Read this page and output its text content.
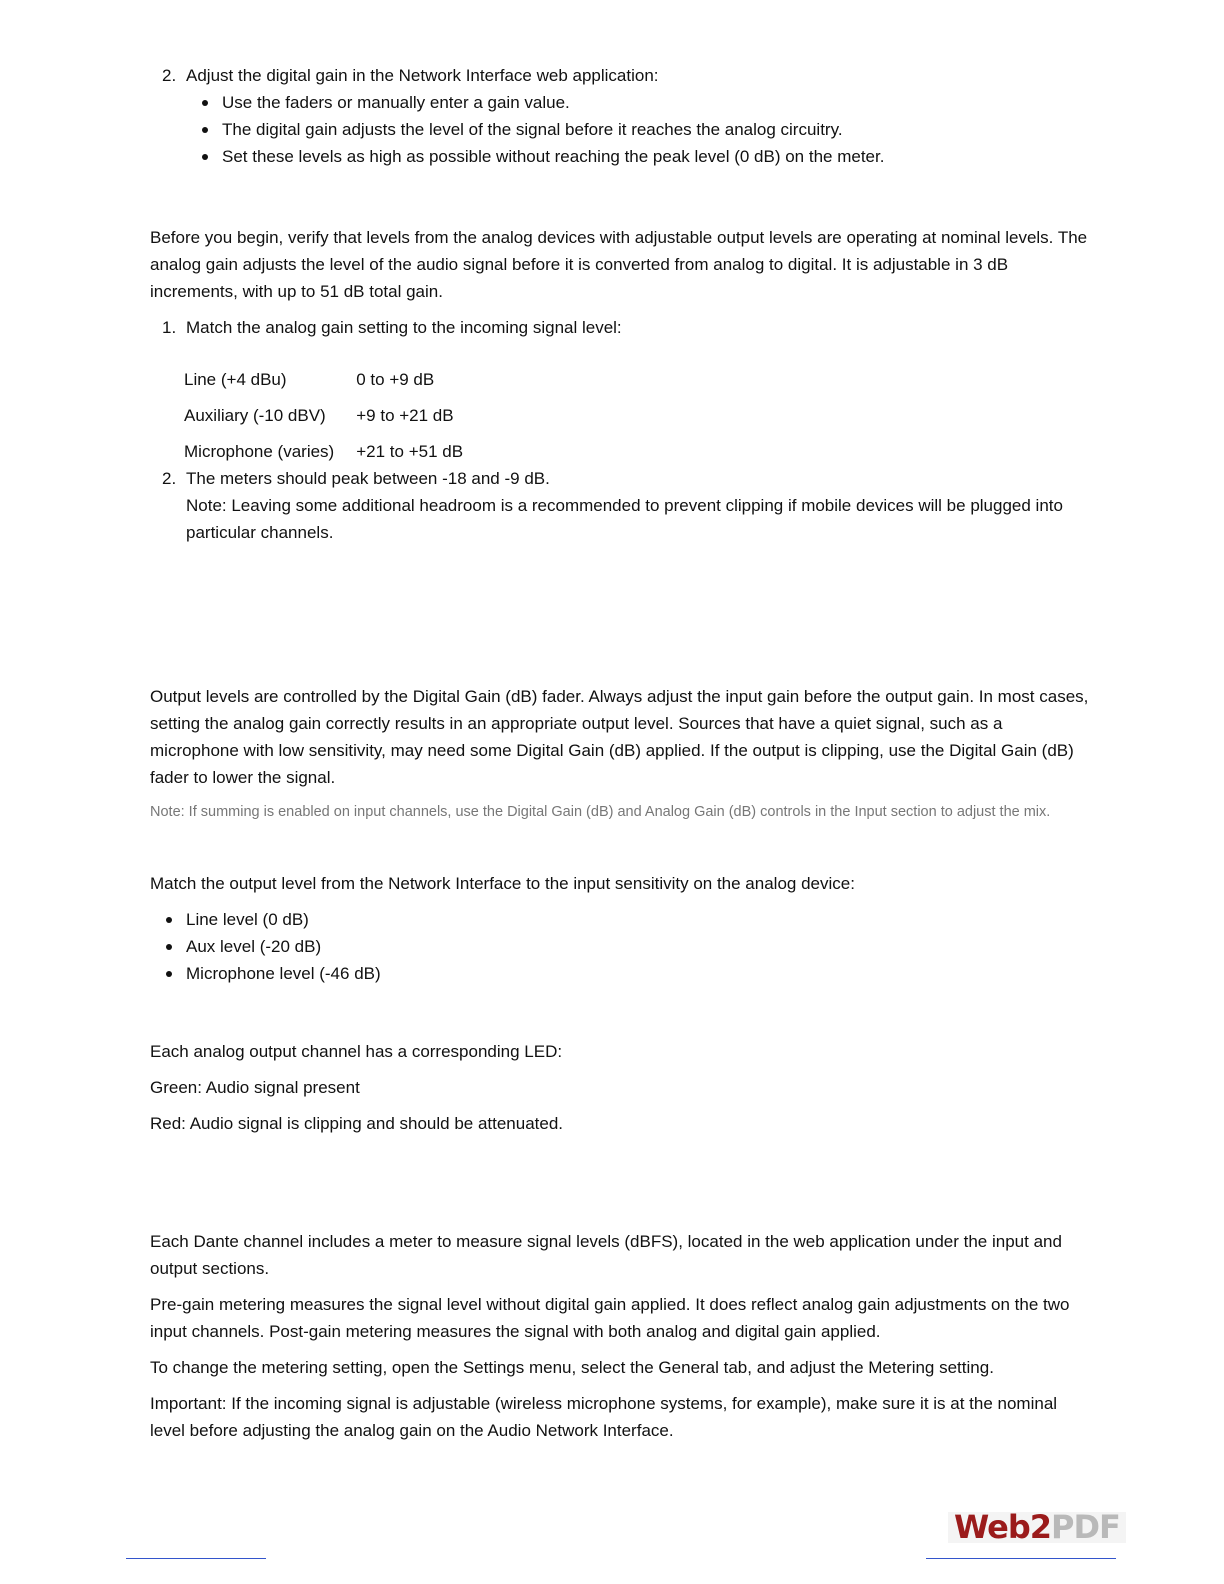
2. Adjust the digital gain in the Network Interface web application:
Use the faders or manually enter a gain value.
The digital gain adjusts the level of the signal before it reaches the analog circuitry.
Set these levels as high as possible without reaching the peak level (0 dB) on the meter.

Before you begin, verify that levels from the analog devices with adjustable output levels are operating at nominal levels. The analog gain adjusts the level of the audio signal before it is converted from analog to digital. It is adjustable in 3 dB increments, with up to 51 dB total gain.

1. Match the analog gain setting to the incoming signal level:
Line (+4 dBu)	0 to +9 dB
Auxiliary (-10 dBV)	+9 to +21 dB
Microphone (varies)	+21 to +51 dB
2. The meters should peak between -18 and -9 dB.
Note: Leaving some additional headroom is a recommended to prevent clipping if mobile devices will be plugged into particular channels.

Output levels are controlled by the Digital Gain (dB) fader. Always adjust the input gain before the output gain. In most cases, setting the analog gain correctly results in an appropriate output level. Sources that have a quiet signal, such as a microphone with low sensitivity, may need some Digital Gain (dB) applied. If the output is clipping, use the Digital Gain (dB) fader to lower the signal.

Note: If summing is enabled on input channels, use the Digital Gain (dB) and Analog Gain (dB) controls in the Input section to adjust the mix.

Match the output level from the Network Interface to the input sensitivity on the analog device:

Line level (0 dB)
Aux level (-20 dB)
Microphone level (-46 dB)

Each analog output channel has a corresponding LED:

Green: Audio signal present

Red: Audio signal is clipping and should be attenuated.

Each Dante channel includes a meter to measure signal levels (dBFS), located in the web application under the input and output sections.

Pre-gain metering measures the signal level without digital gain applied. It does reflect analog gain adjustments on the two input channels. Post-gain metering measures the signal with both analog and digital gain applied.

To change the metering setting, open the Settings menu, select the General tab, and adjust the Metering setting.

Important: If the incoming signal is adjustable (wireless microphone systems, for example), make sure it is at the nominal level before adjusting the analog gain on the Audio Network Interface.

Web2PDF
